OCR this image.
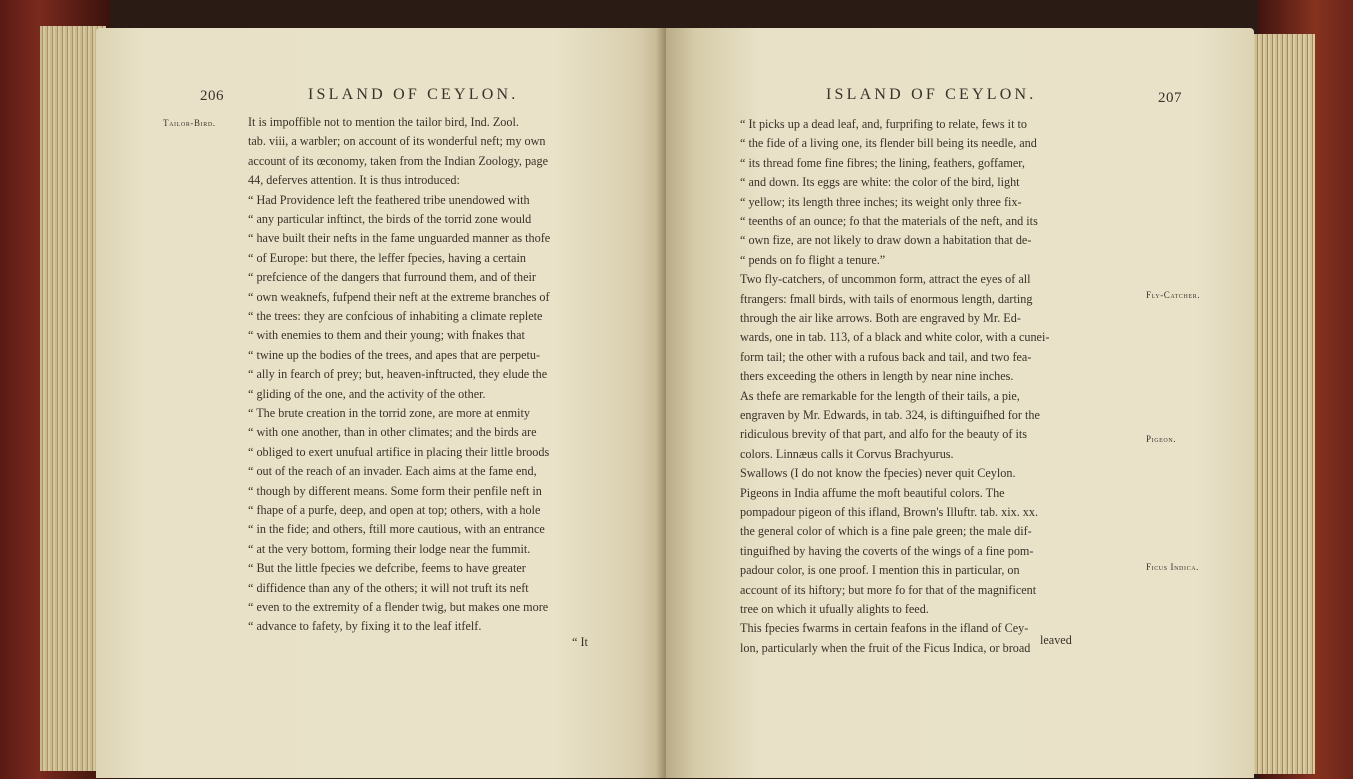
206	ISLAND OF CEYLON.
Tailor-Bird.	It is impoffible not to mention the tailor bird, Ind. Zool.
tab. viii, a warbler; on account of its wonderful neft; my own
account of its œconomy, taken from the Indian Zoology, page
44, deferves attention. It is thus introduced:
“ Had Providence left the feathered tribe unendowed with
“ any particular inftinct, the birds of the torrid zone would
“ have built their nefts in the fame unguarded manner as thofe
“ of Europe: but there, the leffer fpecies, having a certain
“ prefcience of the dangers that furround them, and of their
“ own weaknefs, fufpend their neft at the extreme branches of
“ the trees: they are confcious of inhabiting a climate replete
“ with enemies to them and their young; with fnakes that
“ twine up the bodies of the trees, and apes that are perpetu-
“ ally in fearch of prey; but, heaven-inftructed, they elude the
“ gliding of the one, and the activity of the other.
“ The brute creation in the torrid zone, are more at enmity
“ with one another, than in other climates; and the birds are
“ obliged to exert unufual artifice in placing their little broods
“ out of the reach of an invader. Each aims at the fame end,
“ though by different means. Some form their penfile neft in
“ fhape of a purfe, deep, and open at top; others, with a hole
“ in the fide; and others, ftill more cautious, with an entrance
“ at the very bottom, forming their lodge near the fummit.
“ But the little fpecies we defcribe, feems to have greater
“ diffidence than any of the others; it will not truft its neft
“ even to the extremity of a flender twig, but makes one more
“ advance to fafety, by fixing it to the leaf itfelf.
“ It
ISLAND OF CEYLON.	207
Fly-Catcher.
Pigeon.
Ficus Indica.
“ It picks up a dead leaf, and, furprifing to relate, fews it to
“ the fide of a living one, its flender bill being its needle, and
“ its thread fome fine fibres; the lining, feathers, goffamer,
“ and down. Its eggs are white: the color of the bird, light
“ yellow; its length three inches; its weight only three fix-
“ teenths of an ounce; fo that the materials of the neft, and its
“ own fize, are not likely to draw down a habitation that de-
“ pends on fo flight a tenure.”
Two fly-catchers, of uncommon form, attract the eyes of all
ftrangers: fmall birds, with tails of enormous length, darting
through the air like arrows. Both are engraved by Mr. Ed-
wards, one in tab. 113, of a black and white color, with a cunei-
form tail; the other with a rufous back and tail, and two fea-
thers exceeding the others in length by near nine inches.
As thefe are remarkable for the length of their tails, a pie,
engraven by Mr. Edwards, in tab. 324, is diftinguifhed for the
ridiculous brevity of that part, and alfo for the beauty of its
colors. Linnæus calls it Corvus Brachyurus.
Swallows (I do not know the fpecies) never quit Ceylon.
Pigeons in India affume the moft beautiful colors. The
pompadour pigeon of this ifland, Brown's Illuftr. tab. xix. xx.
the general color of which is a fine pale green; the male dif-
tinguifhed by having the coverts of the wings of a fine pom-
padour color, is one proof. I mention this in particular, on
account of its hiftory; but more fo for that of the magnificent
tree on which it ufually alights to feed.
This fpecies fwarms in certain feafons in the ifland of Cey-
lon, particularly when the fruit of the Ficus Indica, or broad
leaved
